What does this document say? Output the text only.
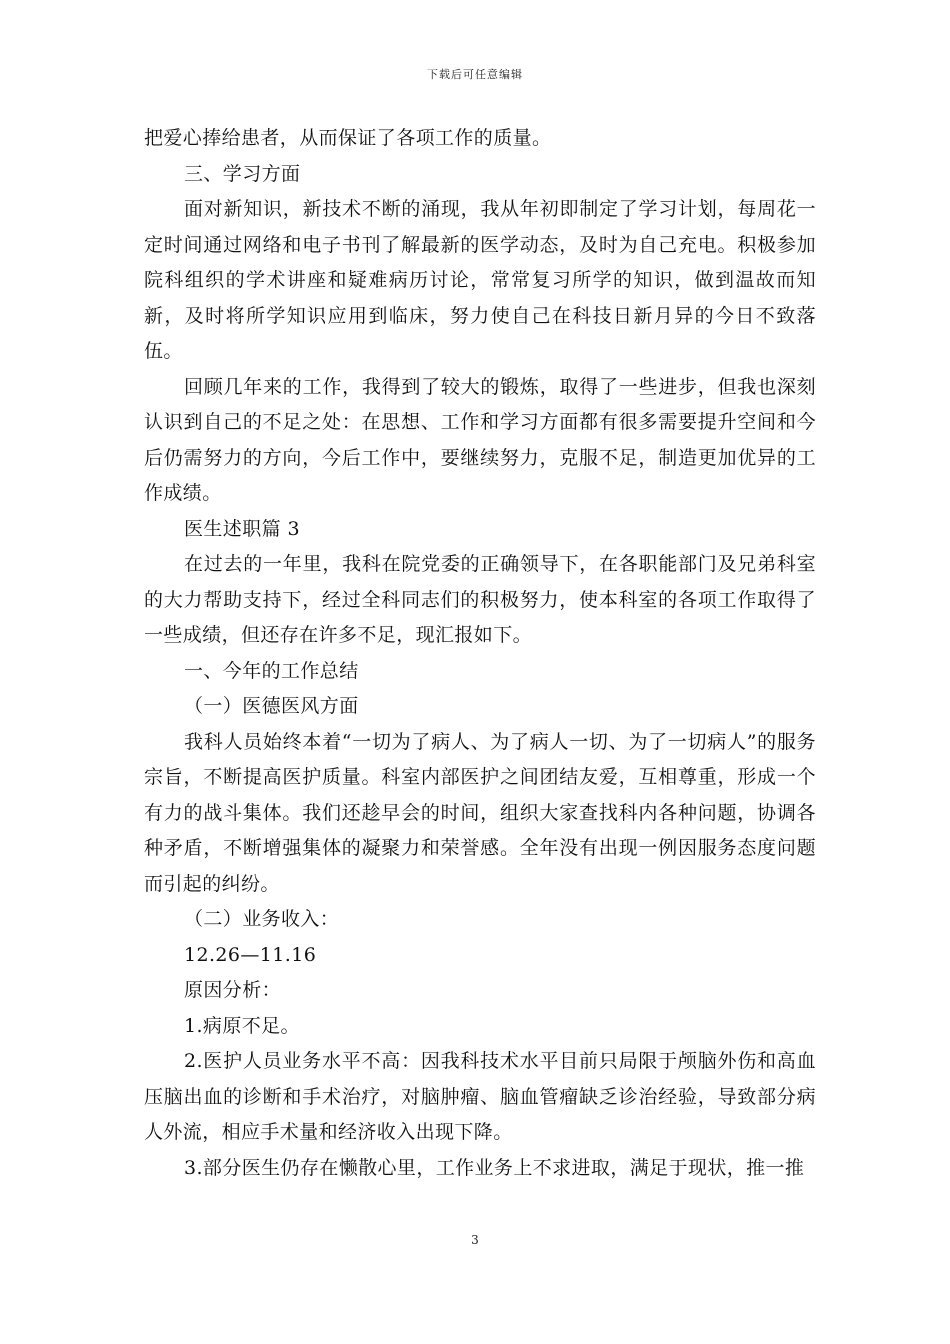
下载后可任意编辑

把爱心捧给患者，从而保证了各项工作的质量。

三、学习方面

面对新知识，新技术不断的涌现，我从年初即制定了学习计划，每周花一定时间通过网络和电子书刊了解最新的医学动态，及时为自己充电。积极参加院科组织的学术讲座和疑难病历讨论，常常复习所学的知识，做到温故而知新，及时将所学知识应用到临床，努力使自己在科技日新月异的今日不致落伍。

回顾几年来的工作，我得到了较大的锻炼，取得了一些进步，但我也深刻认识到自己的不足之处：在思想、工作和学习方面都有很多需要提升空间和今后仍需努力的方向，今后工作中，要继续努力，克服不足，制造更加优异的工作成绩。

医生述职篇 3

在过去的一年里，我科在院党委的正确领导下，在各职能部门及兄弟科室的大力帮助支持下，经过全科同志们的积极努力，使本科室的各项工作取得了一些成绩，但还存在许多不足，现汇报如下。

一、今年的工作总结

（一）医德医风方面

我科人员始终本着“一切为了病人、为了病人一切、为了一切病人”的服务宗旨，不断提高医护质量。科室内部医护之间团结友爱，互相尊重，形成一个有力的战斗集体。我们还趁早会的时间，组织大家查找科内各种问题，协调各种矛盾，不断增强集体的凝聚力和荣誉感。全年没有出现一例因服务态度问题而引起的纠纷。

（二）业务收入：

12.26—11.16

原因分析：

1.病原不足。

2.医护人员业务水平不高：因我科技术水平目前只局限于颅脑外伤和高血压脑出血的诊断和手术治疗，对脑肿瘤、脑血管瘤缺乏诊治经验，导致部分病人外流，相应手术量和经济收入出现下降。

3.部分医生仍存在懒散心里，工作业务上不求进取，满足于现状，推一推

3
